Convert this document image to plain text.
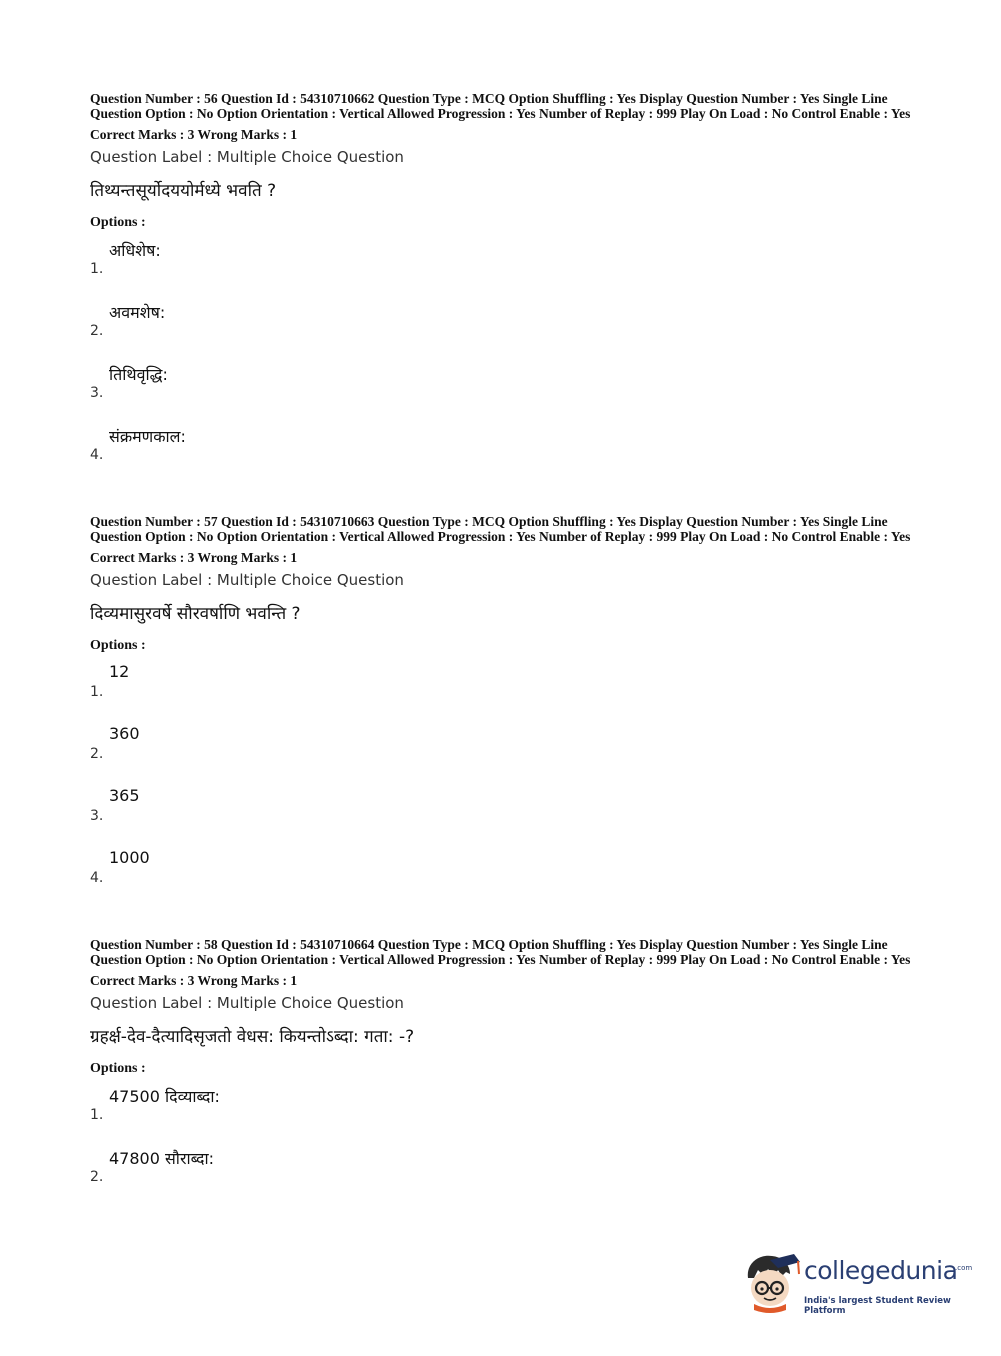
Question Number : 56 Question Id : 54310710662 Question Type : MCQ Option Shuffling : Yes Display Question Number : Yes Single Line Question Option : No Option Orientation : Vertical Allowed Progression : Yes Number of Replay : 999 Play On Load : No Control Enable : Yes
Correct Marks : 3 Wrong Marks : 1
Question Label : Multiple Choice Question
तिथ्यन्तसूर्योदययोर्मध्ये भवति ?
Options :
1.
अधिशेष:
2.
अवमशेष:
3.
तिथिवृद्धि:
4.
संक्रमणकाल:
Question Number : 57 Question Id : 54310710663 Question Type : MCQ Option Shuffling : Yes Display Question Number : Yes Single Line Question Option : No Option Orientation : Vertical Allowed Progression : Yes Number of Replay : 999 Play On Load : No Control Enable : Yes
Correct Marks : 3 Wrong Marks : 1
Question Label : Multiple Choice Question
दिव्यमासुरवर्षे सौरवर्षाणि भवन्ति ?
Options :
1.
12
2.
360
3.
365
4.
1000
Question Number : 58 Question Id : 54310710664 Question Type : MCQ Option Shuffling : Yes Display Question Number : Yes Single Line Question Option : No Option Orientation : Vertical Allowed Progression : Yes Number of Replay : 999 Play On Load : No Control Enable : Yes
Correct Marks : 3 Wrong Marks : 1
Question Label : Multiple Choice Question
ग्रहर्क्ष-देव-दैत्यादिसृजतो वेधस: कियन्तोऽब्दा: गता: -?
Options :
1.
47500 दिव्याब्दा:
2.
47800 सौराब्दा:
collegedunia
.com
India's largest Student Review Platform
